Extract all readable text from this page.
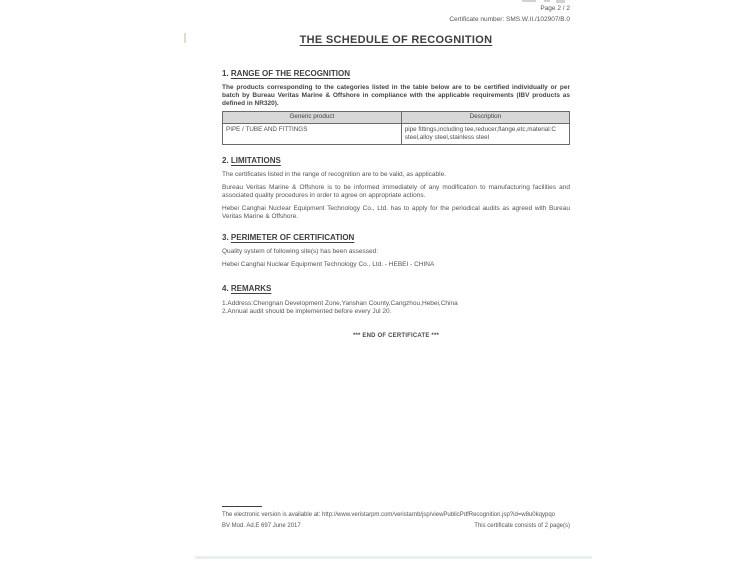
Page 2 / 2
Certificate number: SMS.W.II./102907/B.0
THE SCHEDULE OF RECOGNITION
1. RANGE OF THE RECOGNITION
The products corresponding to the categories listed in the table below are to be certified individually or per batch by Bureau Veritas Marine & Offshore in compliance with the applicable requirements (IBV products as defined in NR320).
Generic product	Description
PIPE / TUBE AND FITTINGS	pipe fittings,including tee,reducer,flange,etc,material:C steel,alloy steel,stainless steel
2. LIMITATIONS
The certificates listed in the range of recognition are to be valid, as applicable.
Bureau Veritas Marine & Offshore is to be informed immediately of any modification to manufacturing facilities and associated quality procedures in order to agree on appropriate actions.
Hebei Canghai Nuclear Equipment Technology Co., Ltd. has to apply for the periodical audits as agreed with Bureau Veritas Marine & Offshore.
3. PERIMETER OF CERTIFICATION
Quality system of following site(s) has been assessed:
Hebei Canghai Nuclear Equipment Technology Co., Ltd. - HEBEI - CHINA
4. REMARKS
1.Address:Chengnan Development Zone,Yanshan County,Cangzhou,Hebei,China
2.Annual audit should be implemented before every Jul 20.
*** END OF CERTIFICATE ***
The electronic version is available at: http://www.veristarpm.com/veristarnb/jsp/viewPublicPdfRecognition.jsp?id=w8u0kqypqo
BV Mod. Ad.E 697 June 2017	This certificate consists of 2 page(s)
